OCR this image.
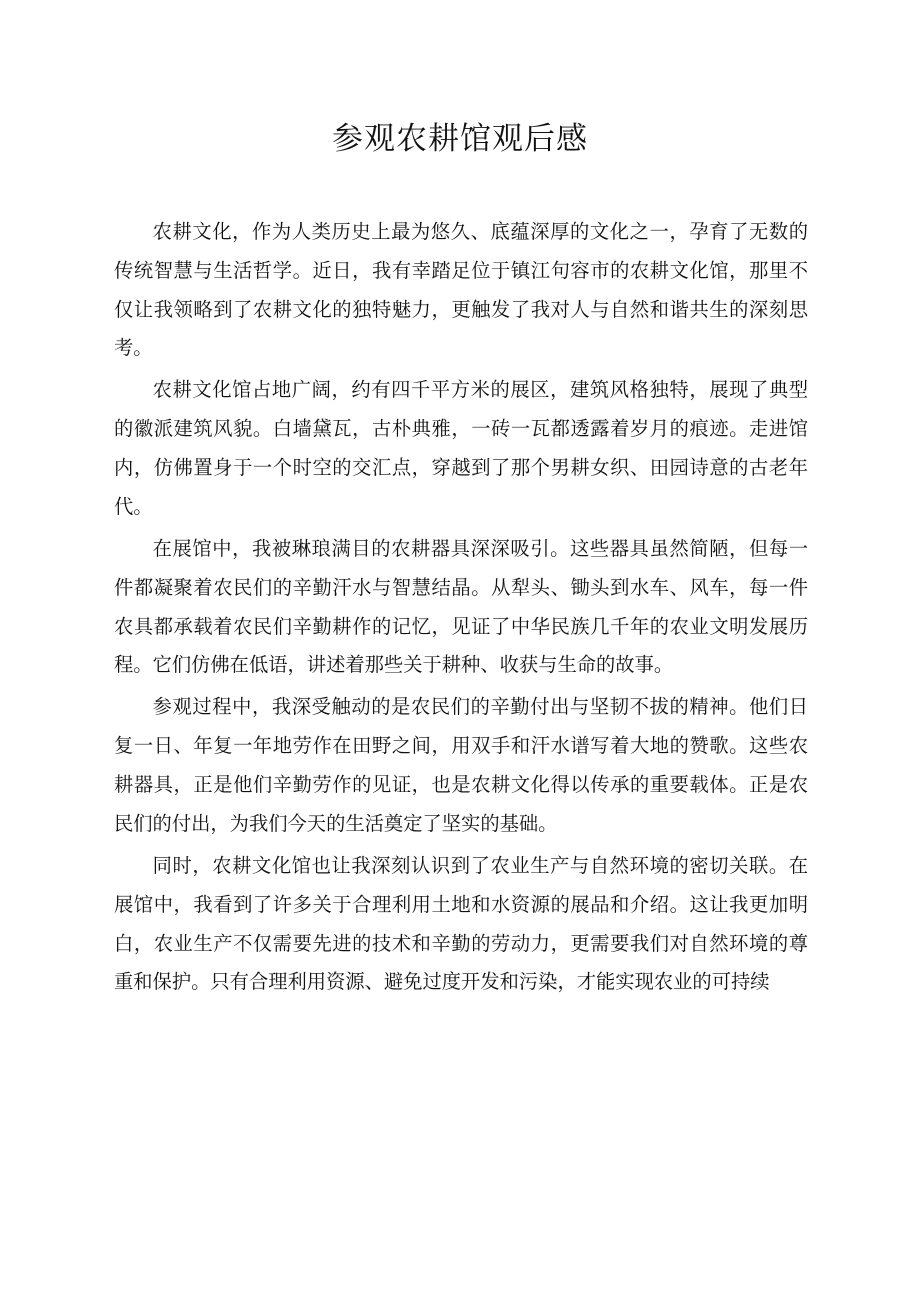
参观农耕馆观后感

农耕文化，作为人类历史上最为悠久、底蕴深厚的文化之一，孕育了无数的传统智慧与生活哲学。近日，我有幸踏足位于镇江句容市的农耕文化馆，那里不仅让我领略到了农耕文化的独特魅力，更触发了我对人与自然和谐共生的深刻思考。

农耕文化馆占地广阔，约有四千平方米的展区，建筑风格独特，展现了典型的徽派建筑风貌。白墙黛瓦，古朴典雅，一砖一瓦都透露着岁月的痕迹。走进馆内，仿佛置身于一个时空的交汇点，穿越到了那个男耕女织、田园诗意的古老年代。

在展馆中，我被琳琅满目的农耕器具深深吸引。这些器具虽然简陋，但每一件都凝聚着农民们的辛勤汗水与智慧结晶。从犁头、锄头到水车、风车，每一件农具都承载着农民们辛勤耕作的记忆，见证了中华民族几千年的农业文明发展历程。它们仿佛在低语，讲述着那些关于耕种、收获与生命的故事。

参观过程中，我深受触动的是农民们的辛勤付出与坚韧不拔的精神。他们日复一日、年复一年地劳作在田野之间，用双手和汗水谱写着大地的赞歌。这些农耕器具，正是他们辛勤劳作的见证，也是农耕文化得以传承的重要载体。正是农民们的付出，为我们今天的生活奠定了坚实的基础。

同时，农耕文化馆也让我深刻认识到了农业生产与自然环境的密切关联。在展馆中，我看到了许多关于合理利用土地和水资源的展品和介绍。这让我更加明白，农业生产不仅需要先进的技术和辛勤的劳动力，更需要我们对自然环境的尊重和保护。只有合理利用资源、避免过度开发和污染，才能实现农业的可持续
